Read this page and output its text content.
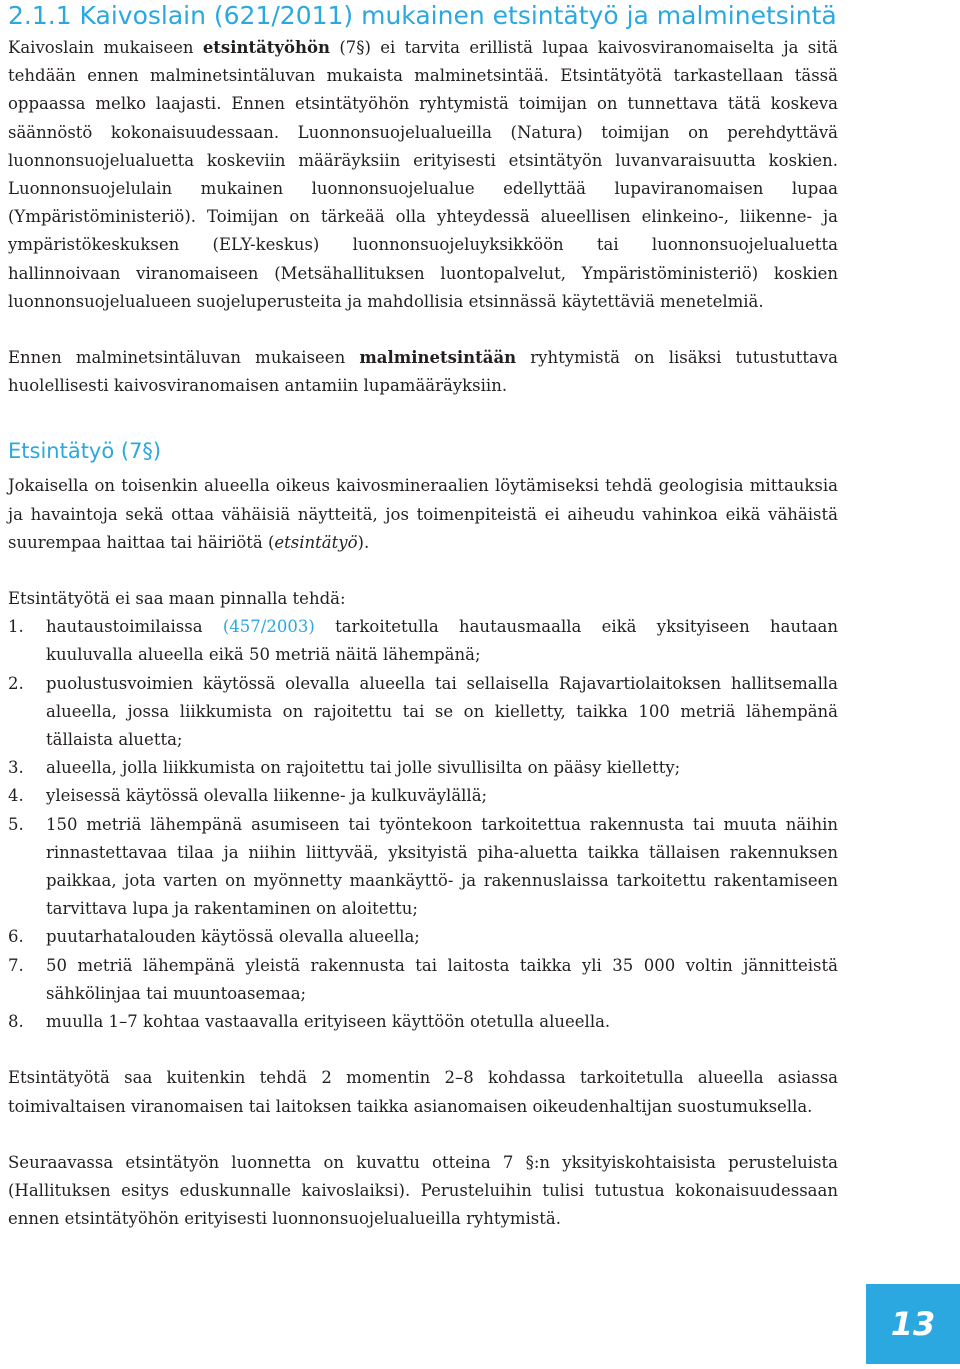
2.1.1 Kaivoslain (621/2011) mukainen etsintätyö ja malminetsintä

Kaivoslain mukaiseen etsintätyöhön (7§) ei tarvita erillistä lupaa kaivosviranomaiselta ja sitä tehdään ennen malminetsintäluvan mukaista malminetsintää. Etsintätyötä tarkastellaan tässä oppaassa melko laajasti. Ennen etsintätyöhön ryhtymistä toimijan on tunnettava tätä koskeva säännöstö kokonaisuudessaan. Luonnonsuojelualueilla (Natura) toimijan on perehdyttävä luonnonsuojelualuetta koskeviin määräyksiin erityisesti etsintätyön luvanvaraisuutta koskien. Luonnonsuojelulain mukainen luonnonsuojelualue edellyttää lupaviranomaisen lupaa (Ympäristöministeriö). Toimijan on tärkeää olla yhteydessä alueellisen elinkeino-, liikenne- ja ympäristökeskuksen (ELY-keskus) luonnonsuojeluyksikköön tai luonnonsuojelualuetta hallinnoivaan viranomaiseen (Metsähallituksen luontopalvelut, Ympäristöministeriö) koskien luonnonsuojelualueen suojeluperusteita ja mahdollisia etsinnässä käytettäviä menetelmiä.

Ennen malminetsintäluvan mukaiseen malminetsintään ryhtymistä on lisäksi tutustuttava huolellisesti kaivosviranomaisen antamiin lupamääräyksiin.

Etsintätyö (7§)

Jokaisella on toisenkin alueella oikeus kaivosmineraalien löytämiseksi tehdä geologisia mittauksia ja havaintoja sekä ottaa vähäisiä näytteitä, jos toimenpiteistä ei aiheudu vahinkoa eikä vähäistä suurempaa haittaa tai häiriötä (etsintätyö).

Etsintätyötä ei saa maan pinnalla tehdä:

1. hautaustoimilaissa (457/2003) tarkoitetulla hautausmaalla eikä yksityiseen hautaan kuuluvalla alueella eikä 50 metriä näitä lähempänä;
2. puolustusvoimien käytössä olevalla alueella tai sellaisella Rajavartiolaitoksen hallitsemalla alueella, jossa liikkumista on rajoitettu tai se on kielletty, taikka 100 metriä lähempänä tällaista aluetta;
3. alueella, jolla liikkumista on rajoitettu tai jolle sivullisilta on pääsy kielletty;
4. yleisessä käytössä olevalla liikenne- ja kulkuväylällä;
5. 150 metriä lähempänä asumiseen tai työntekoon tarkoitettua rakennusta tai muuta näihin rinnastettavaa tilaa ja niihin liittyvää, yksityistä piha-aluetta taikka tällaisen rakennuksen paikkaa, jota varten on myönnetty maankäyttö- ja rakennuslaissa tarkoitettu rakentamiseen tarvittava lupa ja rakentaminen on aloitettu;
6. puutarhatalouden käytössä olevalla alueella;
7. 50 metriä lähempänä yleistä rakennusta tai laitosta taikka yli 35 000 voltin jännitteistä sähkölinjaa tai muuntoasemaa;
8. muulla 1–7 kohtaa vastaavalla erityiseen käyttöön otetulla alueella.

Etsintätyötä saa kuitenkin tehdä 2 momentin 2–8 kohdassa tarkoitetulla alueella asiassa toimivaltaisen viranomaisen tai laitoksen taikka asianomaisen oikeudenhaltijan suostumuksella.

Seuraavassa etsintätyön luonnetta on kuvattu otteina 7 §:n yksityiskohtaisista perusteluista (Hallituksen esitys eduskunnalle kaivoslaiksi). Perusteluihin tulisi tutustua kokonaisuudessaan ennen etsintätyöhön erityisesti luonnonsuojelualueilla ryhtymistä.

13
